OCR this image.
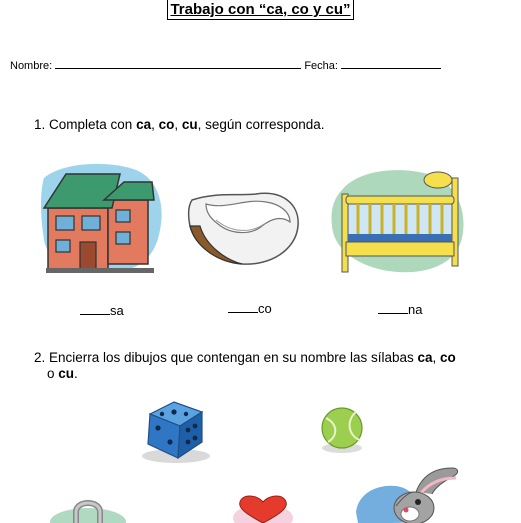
Trabajo con “ca, co y cu”
Nombre:	Fecha:
1. Completa con ca, co, cu, según corresponda.
sa	co	na
2. Encierra los dibujos que contengan en su nombre las sílabas ca, co
o cu.
